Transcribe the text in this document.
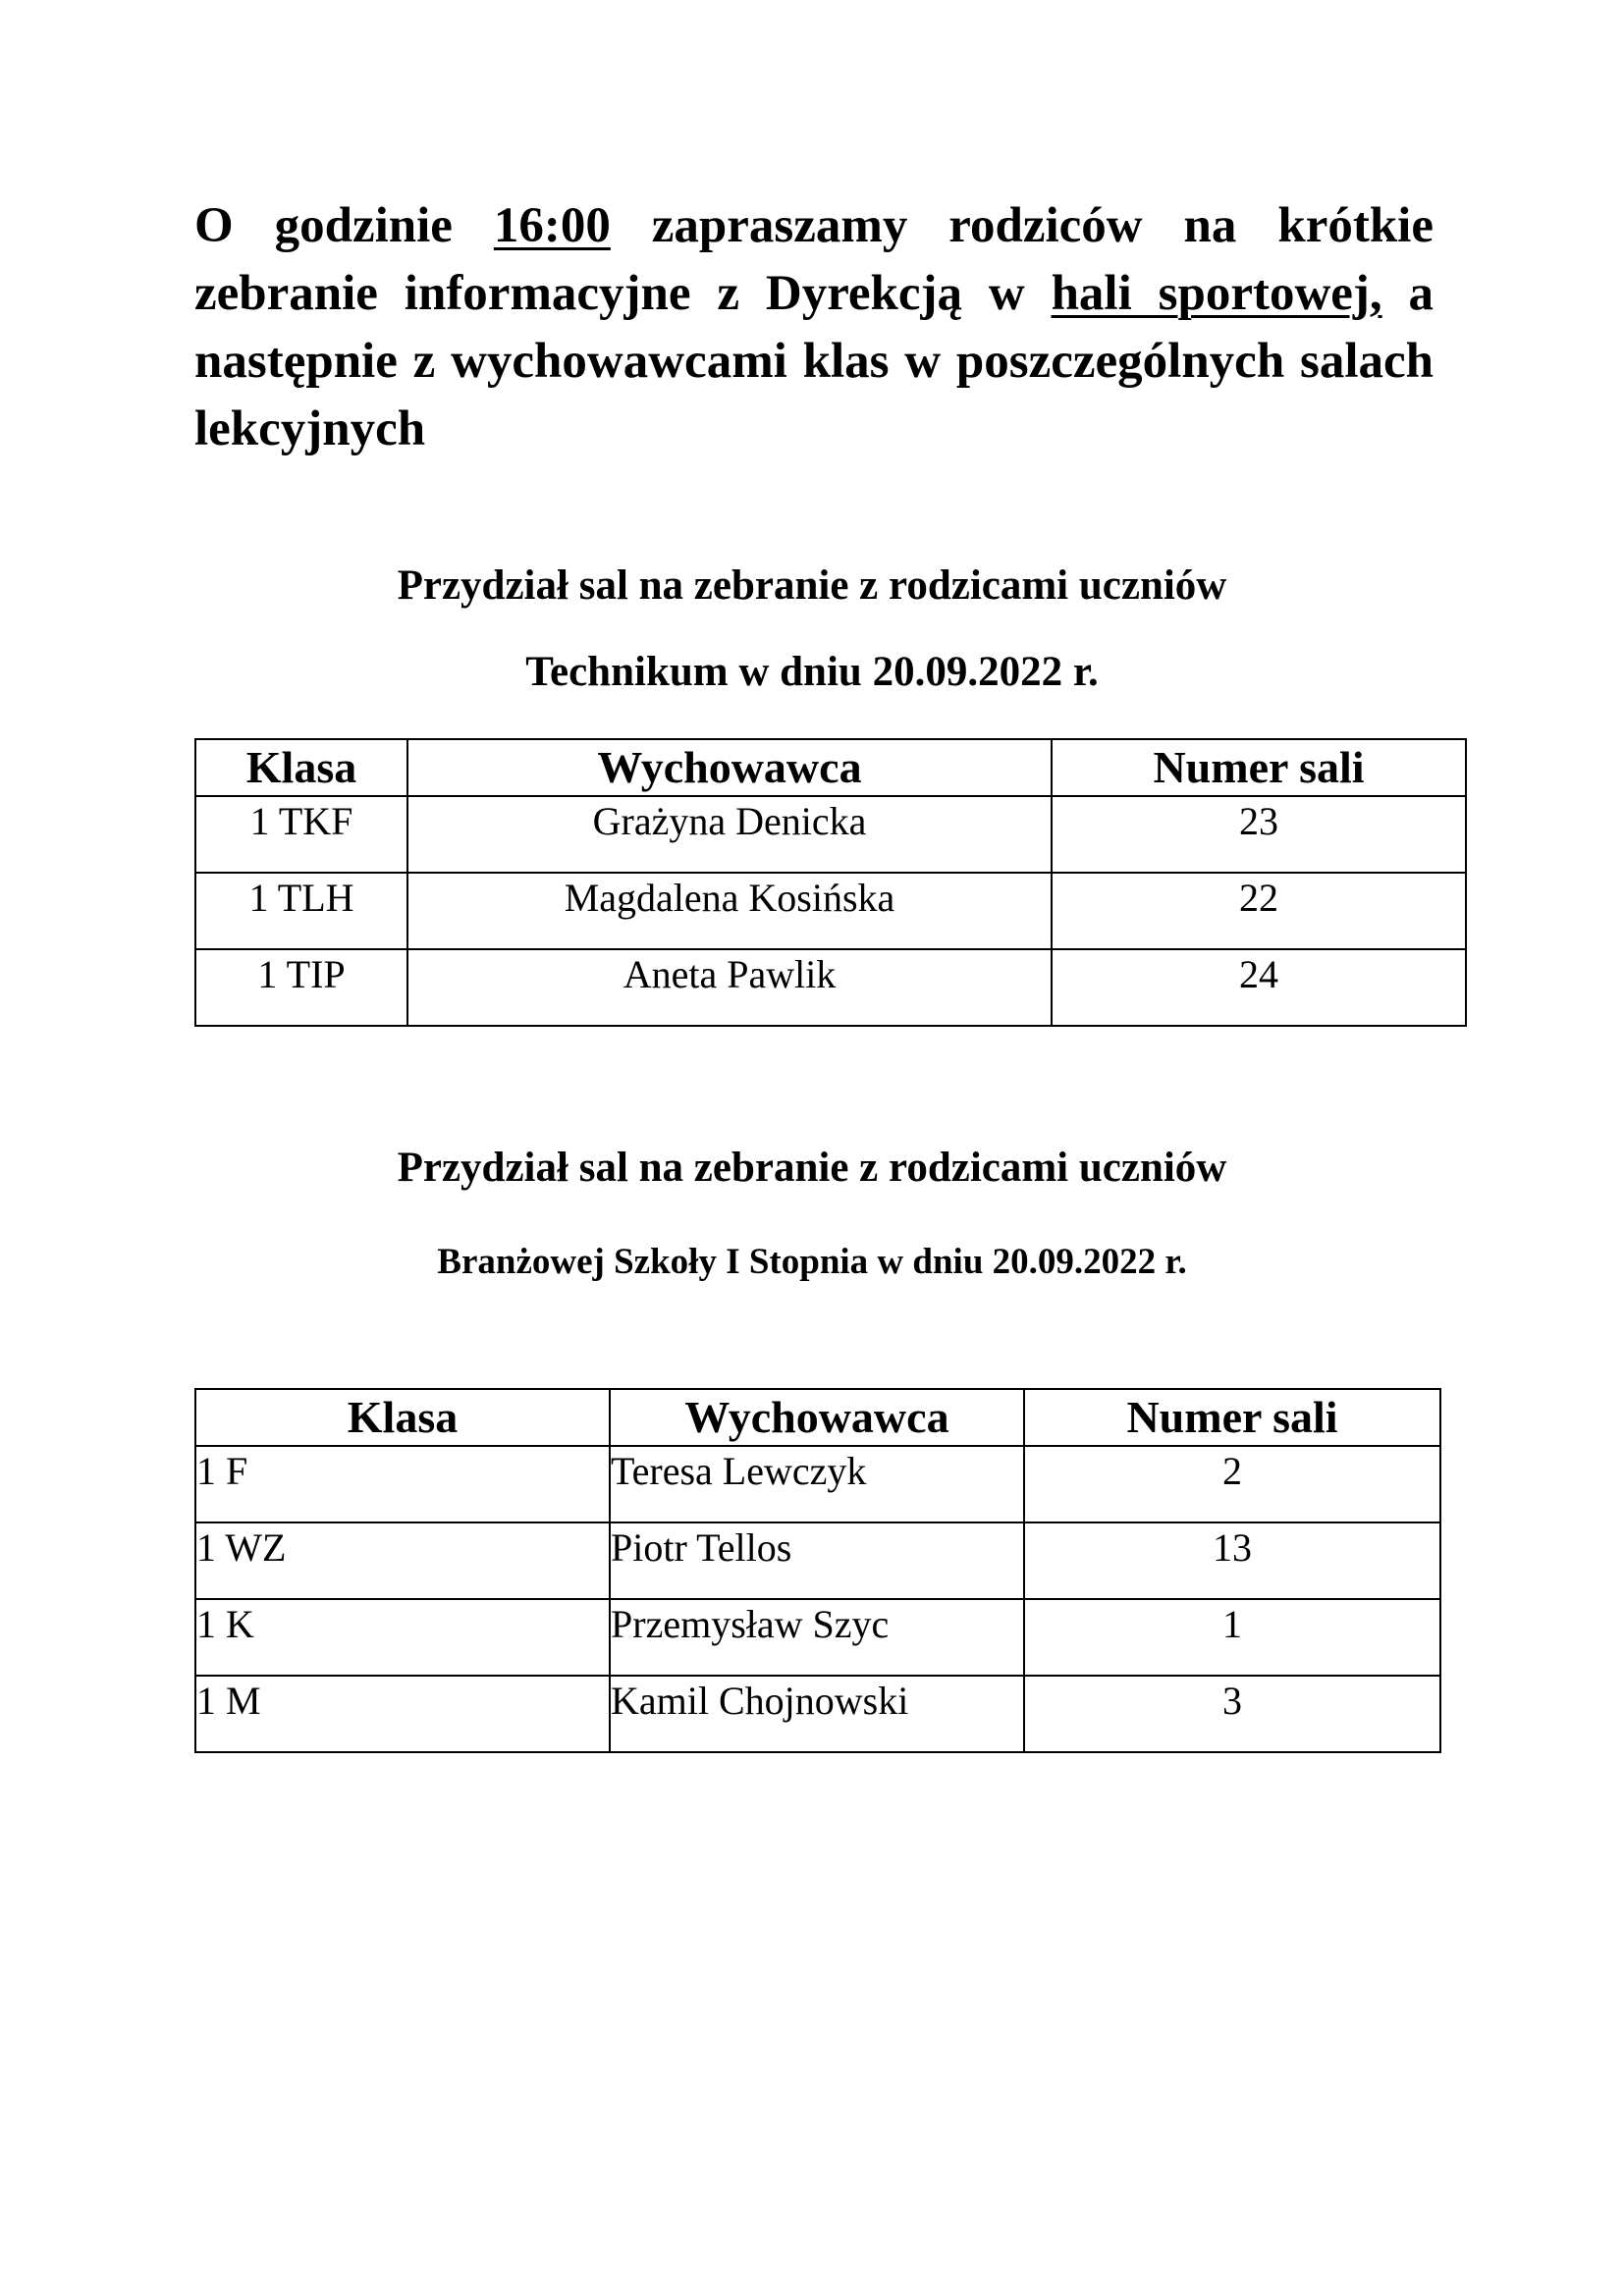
O godzinie 16:00 zapraszamy rodziców na krótkie zebranie informacyjne z Dyrekcją w hali sportowej, a następnie z wychowawcami klas w poszczególnych salach lekcyjnych

Przydział sal na zebranie z rodzicami uczniów
Technikum w dniu 20.09.2022 r.
Klasa	Wychowawca	Numer sali
1 TKF	Grażyna Denicka	23
1 TLH	Magdalena Kosińska	22
1 TIP	Aneta Pawlik	24
Przydział sal na zebranie z rodzicami uczniów
Branżowej Szkoły I Stopnia w dniu 20.09.2022 r.
Klasa	Wychowawca	Numer sali
1 F	Teresa Lewczyk	2
1 WZ	Piotr Tellos	13
1 K	Przemysław Szyc	1
1 M	Kamil Chojnowski	3
